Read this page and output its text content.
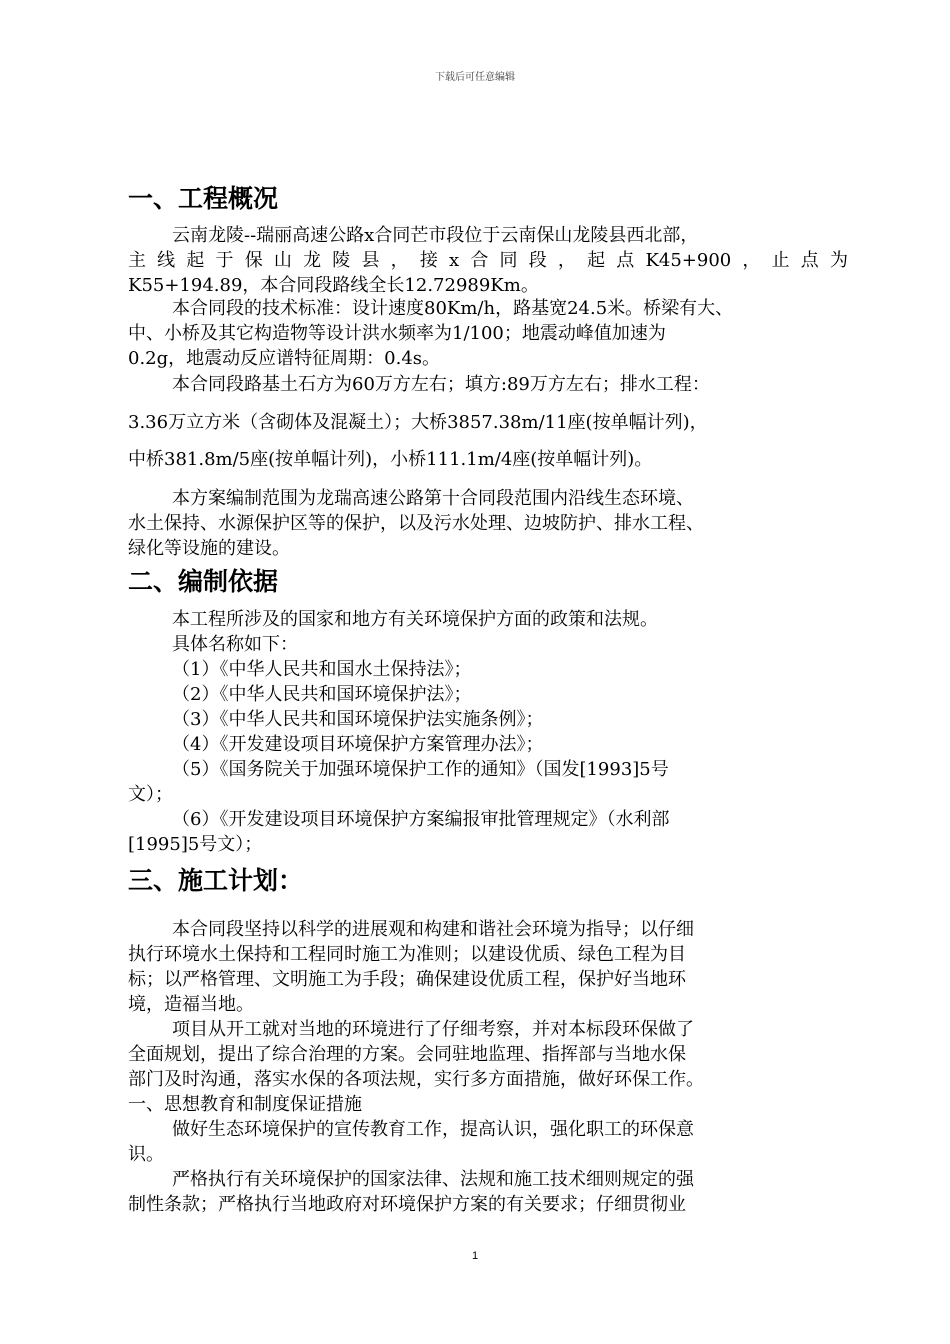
下载后可任意编辑
一、工程概况
云南龙陵--瑞丽高速公路x合同芒市段位于云南保山龙陵县西北部，
主线起于保山龙陵县，接x合同段，起点K45+900，止点为
K55+194.89，本合同段路线全长12.72989Km。
本合同段的技术标准：设计速度80Km/h，路基宽24.5米。桥梁有大、
中、小桥及其它构造物等设计洪水频率为1/100；地震动峰值加速为
0.2g，地震动反应谱特征周期：0.4s。
本合同段路基土石方为60万方左右；填方:89万方左右；排水工程：
3.36万立方米（含砌体及混凝土）；大桥3857.38m/11座(按单幅计列)，
中桥381.8m/5座(按单幅计列)，小桥111.1m/4座(按单幅计列)。
本方案编制范围为龙瑞高速公路第十合同段范围内沿线生态环境、
水土保持、水源保护区等的保护，以及污水处理、边坡防护、排水工程、
绿化等设施的建设。
二、编制依据
本工程所涉及的国家和地方有关环境保护方面的政策和法规。
具体名称如下：
（1）《中华人民共和国水土保持法》；
（2）《中华人民共和国环境保护法》；
（3）《中华人民共和国环境保护法实施条例》；
（4）《开发建设项目环境保护方案管理办法》；
（5）《国务院关于加强环境保护工作的通知》（国发[1993]5号
文）；
（6）《开发建设项目环境保护方案编报审批管理规定》（水利部
[1995]5号文）；
三、施工计划：
本合同段坚持以科学的进展观和构建和谐社会环境为指导；以仔细
执行环境水土保持和工程同时施工为准则；以建设优质、绿色工程为目
标；以严格管理、文明施工为手段；确保建设优质工程，保护好当地环
境，造福当地。
项目从开工就对当地的环境进行了仔细考察，并对本标段环保做了
全面规划，提出了综合治理的方案。会同驻地监理、指挥部与当地水保
部门及时沟通，落实水保的各项法规，实行多方面措施，做好环保工作。
一、思想教育和制度保证措施
做好生态环境保护的宣传教育工作，提高认识，强化职工的环保意
识。
严格执行有关环境保护的国家法律、法规和施工技术细则规定的强
制性条款；严格执行当地政府对环境保护方案的有关要求；仔细贯彻业
1
